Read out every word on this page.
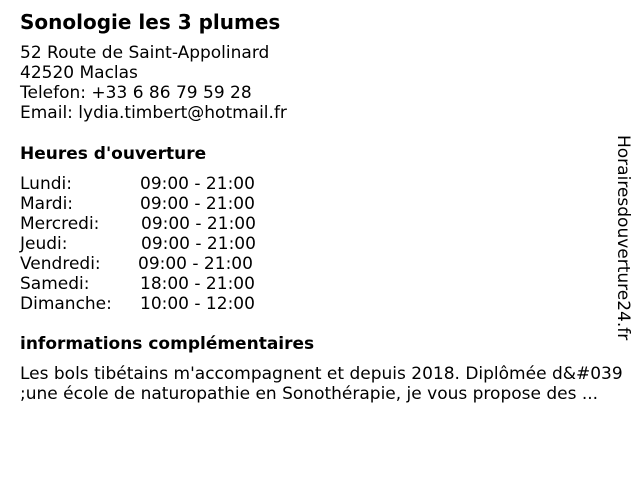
Sonologie les 3 plumes
52 Route de Saint-Appolinard
42520 Maclas
Telefon: +33 6 86 79 59 28
Email: lydia.timbert@hotmail.fr
Heures d'ouverture
Lundi:	09:00 - 21:00
Mardi:	09:00 - 21:00
Mercredi: 09:00 - 21:00
Jeudi:	09:00 - 21:00
Vendredi: 09:00 - 21:00
Samedi:	18:00 - 21:00
Dimanche: 10:00 - 12:00
informations complémentaires
Les bols tibétains m'accompagnent et depuis 2018. Diplômée d&#039
;une école de naturopathie en Sonothérapie, je vous propose des ...
Horairesdouverture24.fr
